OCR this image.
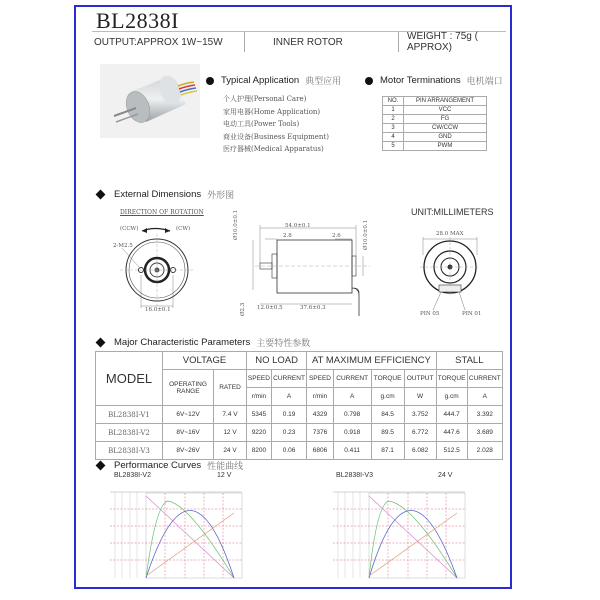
BL2838I
OUTPUT:APPROX 1W~15W	INNER ROTOR	WEIGHT : 75g ( APPROX)
Typical Application 典型应用
个人护理(Personal Care)
家用电器(Home Application)
电动工具(Power Tools)
商业设备(Business Equipment)
医疗器械(Medical Apparatus)
Motor Terminations 电机端口
NO.	PIN ARRANGEMENT
1	VCC
2	FG
3	CW/CCW
4	GND
5	PWM
External Dimensions 外形图
DIRECTION OF ROTATION
(CCW)	(CW)
2-M2.5
16.0±0.1
54.0±0.1
2.8	2.6
Ø10.0±0.1	Ø10.0±0.1
Ø2.3 12.0±0.5	37.6±0.3
UNIT:MILLIMETERS
28.0 MAX
PIN 05	PIN 01
Major Characteristic Parameters 主要特性参数
MODEL	VOLTAGE		NO LOAD		AT MAXIMUM EFFICIENCY				STALL	
	OPERATING RANGE	RATED	SPEED	CURRENT	SPEED	CURRENT	TORQUE	OUTPUT	TORQUE	CURRENT
			r/min	A	r/min	A	g.cm	W	g.cm	A
BL2838I-V1	6V~12V	7.4 V	5345	0.19	4329	0.798	84.5	3.752	444.7	3.392
BL2838I-V2	8V~16V	12 V	9220	0.23	7376	0.918	89.5	6.772	447.6	3.689
BL2838I-V3	8V~26V	24 V	8200	0.06	6806	0.411	87.1	6.082	512.5	2.028
Performance Curves 性能曲线
BL2838I-V2	12 V	BL2838I-V3	24 V
